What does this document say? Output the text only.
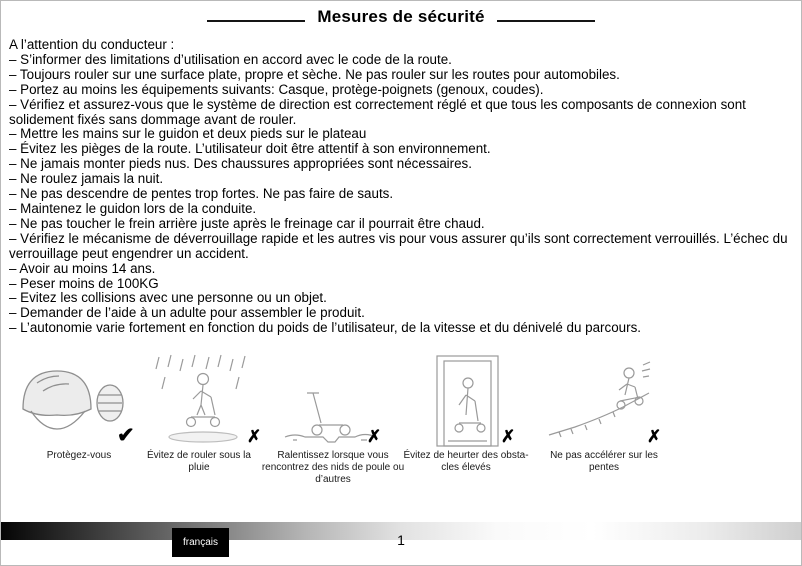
Mesures de sécurité

A l’attention du conducteur :

– S’informer des limitations d’utilisation en accord avec le code de la route.

– Toujours rouler sur une surface plate, propre et sèche. Ne pas rouler sur les routes pour automobiles.

– Portez au moins les équipements suivants: Casque, protège-poignets (genoux, coudes).

– Vérifiez et assurez-vous que le système de direction est correctement réglé et que tous les composants de connexion sont solidement fixés sans dommage avant de rouler.

– Mettre les mains sur le guidon et deux pieds sur le plateau

– Évitez les pièges de la route. L’utilisateur doit être attentif à son environnement.

– Ne jamais monter pieds nus. Des chaussures appropriées sont nécessaires.

– Ne roulez jamais la nuit.

– Ne pas descendre de pentes trop fortes. Ne pas faire de sauts.

– Maintenez le guidon lors de la conduite.

– Ne pas toucher le frein arrière juste après le freinage car il pourrait être chaud.

– Vérifiez le mécanisme de déverrouillage rapide et les autres vis pour vous assurer qu’ils sont correctement verrouillés. L’échec du verrouillage peut engendrer un accident.

– Avoir au moins 14 ans.

– Peser moins de 100KG

– Evitez les collisions avec une personne ou un objet.

– Demander de l’aide à un adulte pour assembler le produit.

– L’autonomie varie fortement en fonction du poids de l’utilisateur, de la vitesse et du dénivelé du parcours.

✔
Protègez-vous
✗
Évitez de rouler sous la pluie
✗
Ralentissez lorsque vous rencontrez des nids de poule ou d’autres
✗
Évitez de heurter des obsta-cles élevés
✗
Ne pas accélérer sur les pentes
français	1
